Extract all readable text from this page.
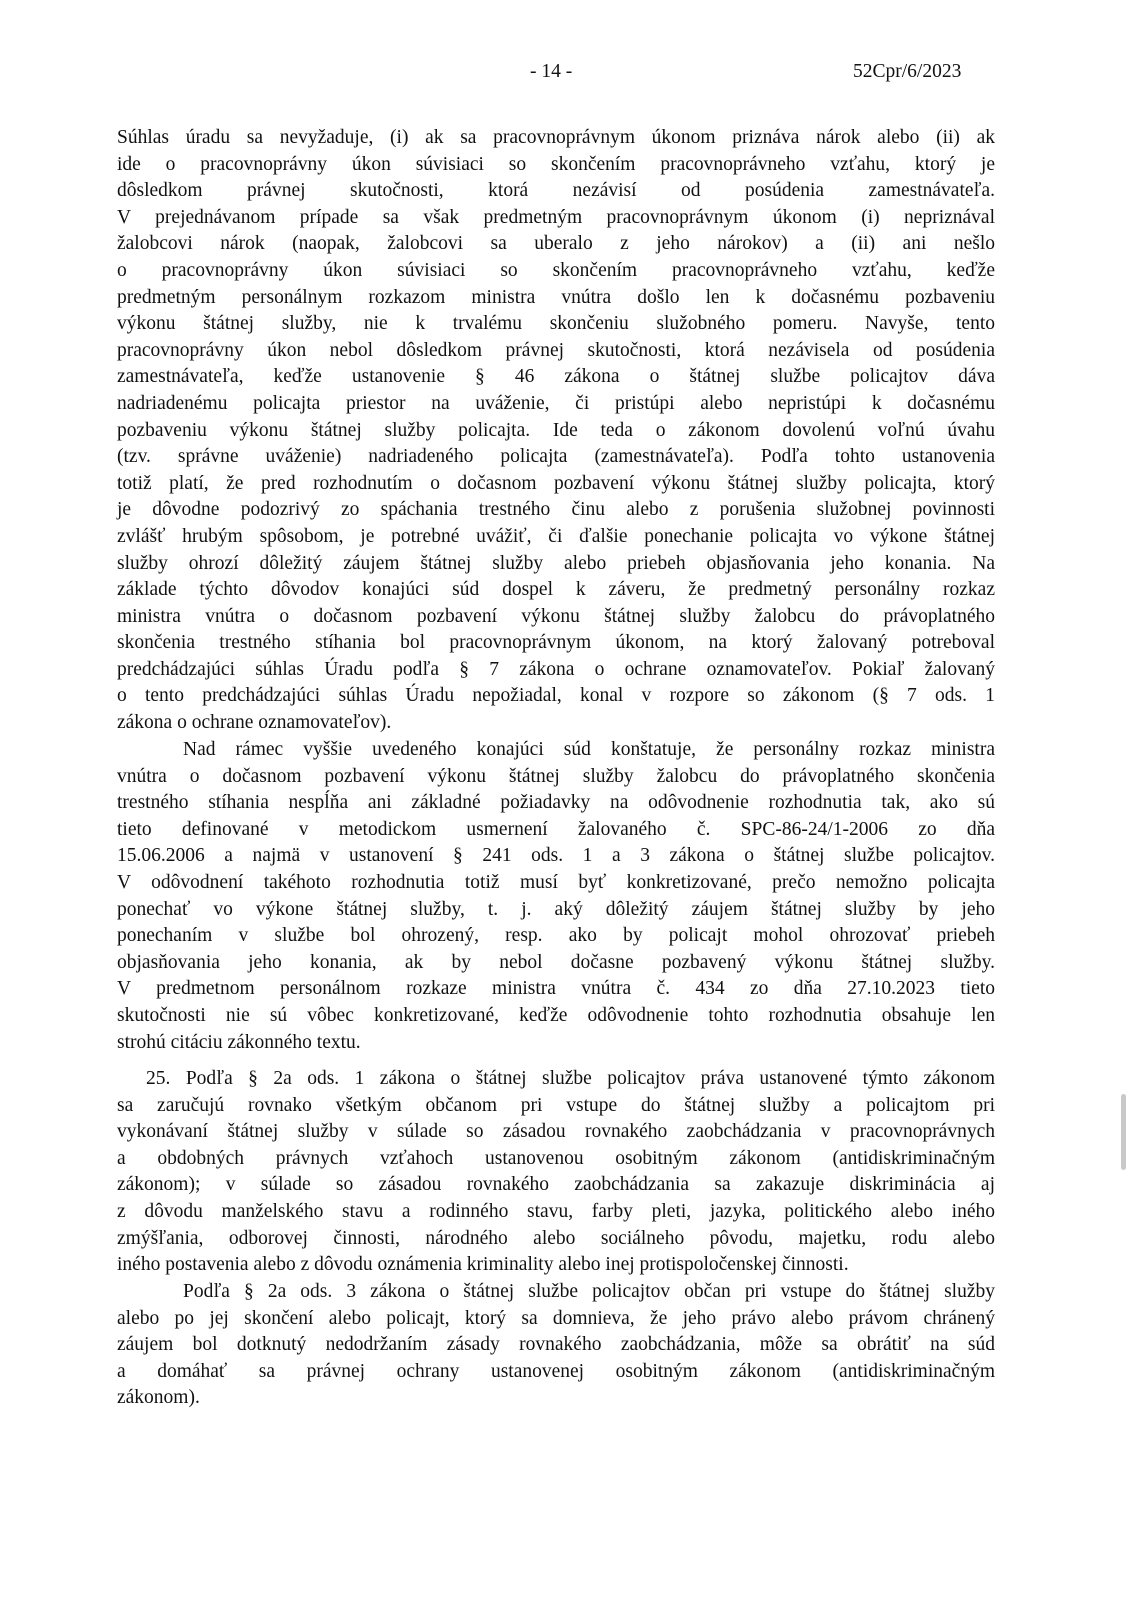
- 14 -	52Cpr/6/2023
Súhlas úradu sa nevyžaduje, (i) ak sa pracovnoprávnym úkonom priznáva nárok alebo (ii) ak
ide o pracovnoprávny úkon súvisiaci so skončením pracovnoprávneho vzťahu, ktorý je
dôsledkom právnej skutočnosti, ktorá nezávisí od posúdenia zamestnávateľa.
V prejednávanom prípade sa však predmetným pracovnoprávnym úkonom (i) nepriznával
žalobcovi nárok (naopak, žalobcovi sa uberalo z jeho nárokov) a (ii) ani nešlo
o pracovnoprávny úkon súvisiaci so skončením pracovnoprávneho vzťahu, keďže
predmetným personálnym rozkazom ministra vnútra došlo len k dočasnému pozbaveniu
výkonu štátnej služby, nie k trvalému skončeniu služobného pomeru. Navyše, tento
pracovnoprávny úkon nebol dôsledkom právnej skutočnosti, ktorá nezávisela od posúdenia
zamestnávateľa, keďže ustanovenie § 46 zákona o štátnej službe policajtov dáva
nadriadenému policajta priestor na uváženie, či pristúpi alebo nepristúpi k dočasnému
pozbaveniu výkonu štátnej služby policajta. Ide teda o zákonom dovolenú voľnú úvahu
(tzv. správne uváženie) nadriadeného policajta (zamestnávateľa). Podľa tohto ustanovenia
totiž platí, že pred rozhodnutím o dočasnom pozbavení výkonu štátnej služby policajta, ktorý
je dôvodne podozrivý zo spáchania trestného činu alebo z porušenia služobnej povinnosti
zvlášť hrubým spôsobom, je potrebné uvážiť, či ďalšie ponechanie policajta vo výkone štátnej
služby ohrozí dôležitý záujem štátnej služby alebo priebeh objasňovania jeho konania. Na
základe týchto dôvodov konajúci súd dospel k záveru, že predmetný personálny rozkaz
ministra vnútra o dočasnom pozbavení výkonu štátnej služby žalobcu do právoplatného
skončenia trestného stíhania bol pracovnoprávnym úkonom, na ktorý žalovaný potreboval
predchádzajúci súhlas Úradu podľa § 7 zákona o ochrane oznamovateľov. Pokiaľ žalovaný
o tento predchádzajúci súhlas Úradu nepožiadal, konal v rozpore so zákonom (§ 7 ods. 1
zákona o ochrane oznamovateľov).
Nad rámec vyššie uvedeného konajúci súd konštatuje, že personálny rozkaz ministra
vnútra o dočasnom pozbavení výkonu štátnej služby žalobcu do právoplatného skončenia
trestného stíhania nespĺňa ani základné požiadavky na odôvodnenie rozhodnutia tak, ako sú
tieto definované v metodickom usmernení žalovaného č. SPC-86-24/1-2006 zo dňa
15.06.2006 a najmä v ustanovení § 241 ods. 1 a 3 zákona o štátnej službe policajtov.
V odôvodnení takéhoto rozhodnutia totiž musí byť konkretizované, prečo nemožno policajta
ponechať vo výkone štátnej služby, t. j. aký dôležitý záujem štátnej služby by jeho
ponechaním v službe bol ohrozený, resp. ako by policajt mohol ohrozovať priebeh
objasňovania jeho konania, ak by nebol dočasne pozbavený výkonu štátnej služby.
V predmetnom personálnom rozkaze ministra vnútra č. 434 zo dňa 27.10.2023 tieto
skutočnosti nie sú vôbec konkretizované, keďže odôvodnenie tohto rozhodnutia obsahuje len
strohú citáciu zákonného textu.
25. Podľa § 2a ods. 1 zákona o štátnej službe policajtov práva ustanovené týmto zákonom
sa zaručujú rovnako všetkým občanom pri vstupe do štátnej služby a policajtom pri
vykonávaní štátnej služby v súlade so zásadou rovnakého zaobchádzania v pracovnoprávnych
a obdobných právnych vzťahoch ustanovenou osobitným zákonom (antidiskriminačným
zákonom); v súlade so zásadou rovnakého zaobchádzania sa zakazuje diskriminácia aj
z dôvodu manželského stavu a rodinného stavu, farby pleti, jazyka, politického alebo iného
zmýšľania, odborovej činnosti, národného alebo sociálneho pôvodu, majetku, rodu alebo
iného postavenia alebo z dôvodu oznámenia kriminality alebo inej protispoločenskej činnosti.
Podľa § 2a ods. 3 zákona o štátnej službe policajtov občan pri vstupe do štátnej služby
alebo po jej skončení alebo policajt, ktorý sa domnieva, že jeho právo alebo právom chránený
záujem bol dotknutý nedodržaním zásady rovnakého zaobchádzania, môže sa obrátiť na súd
a domáhať sa právnej ochrany ustanovenej osobitným zákonom (antidiskriminačným
zákonom).
